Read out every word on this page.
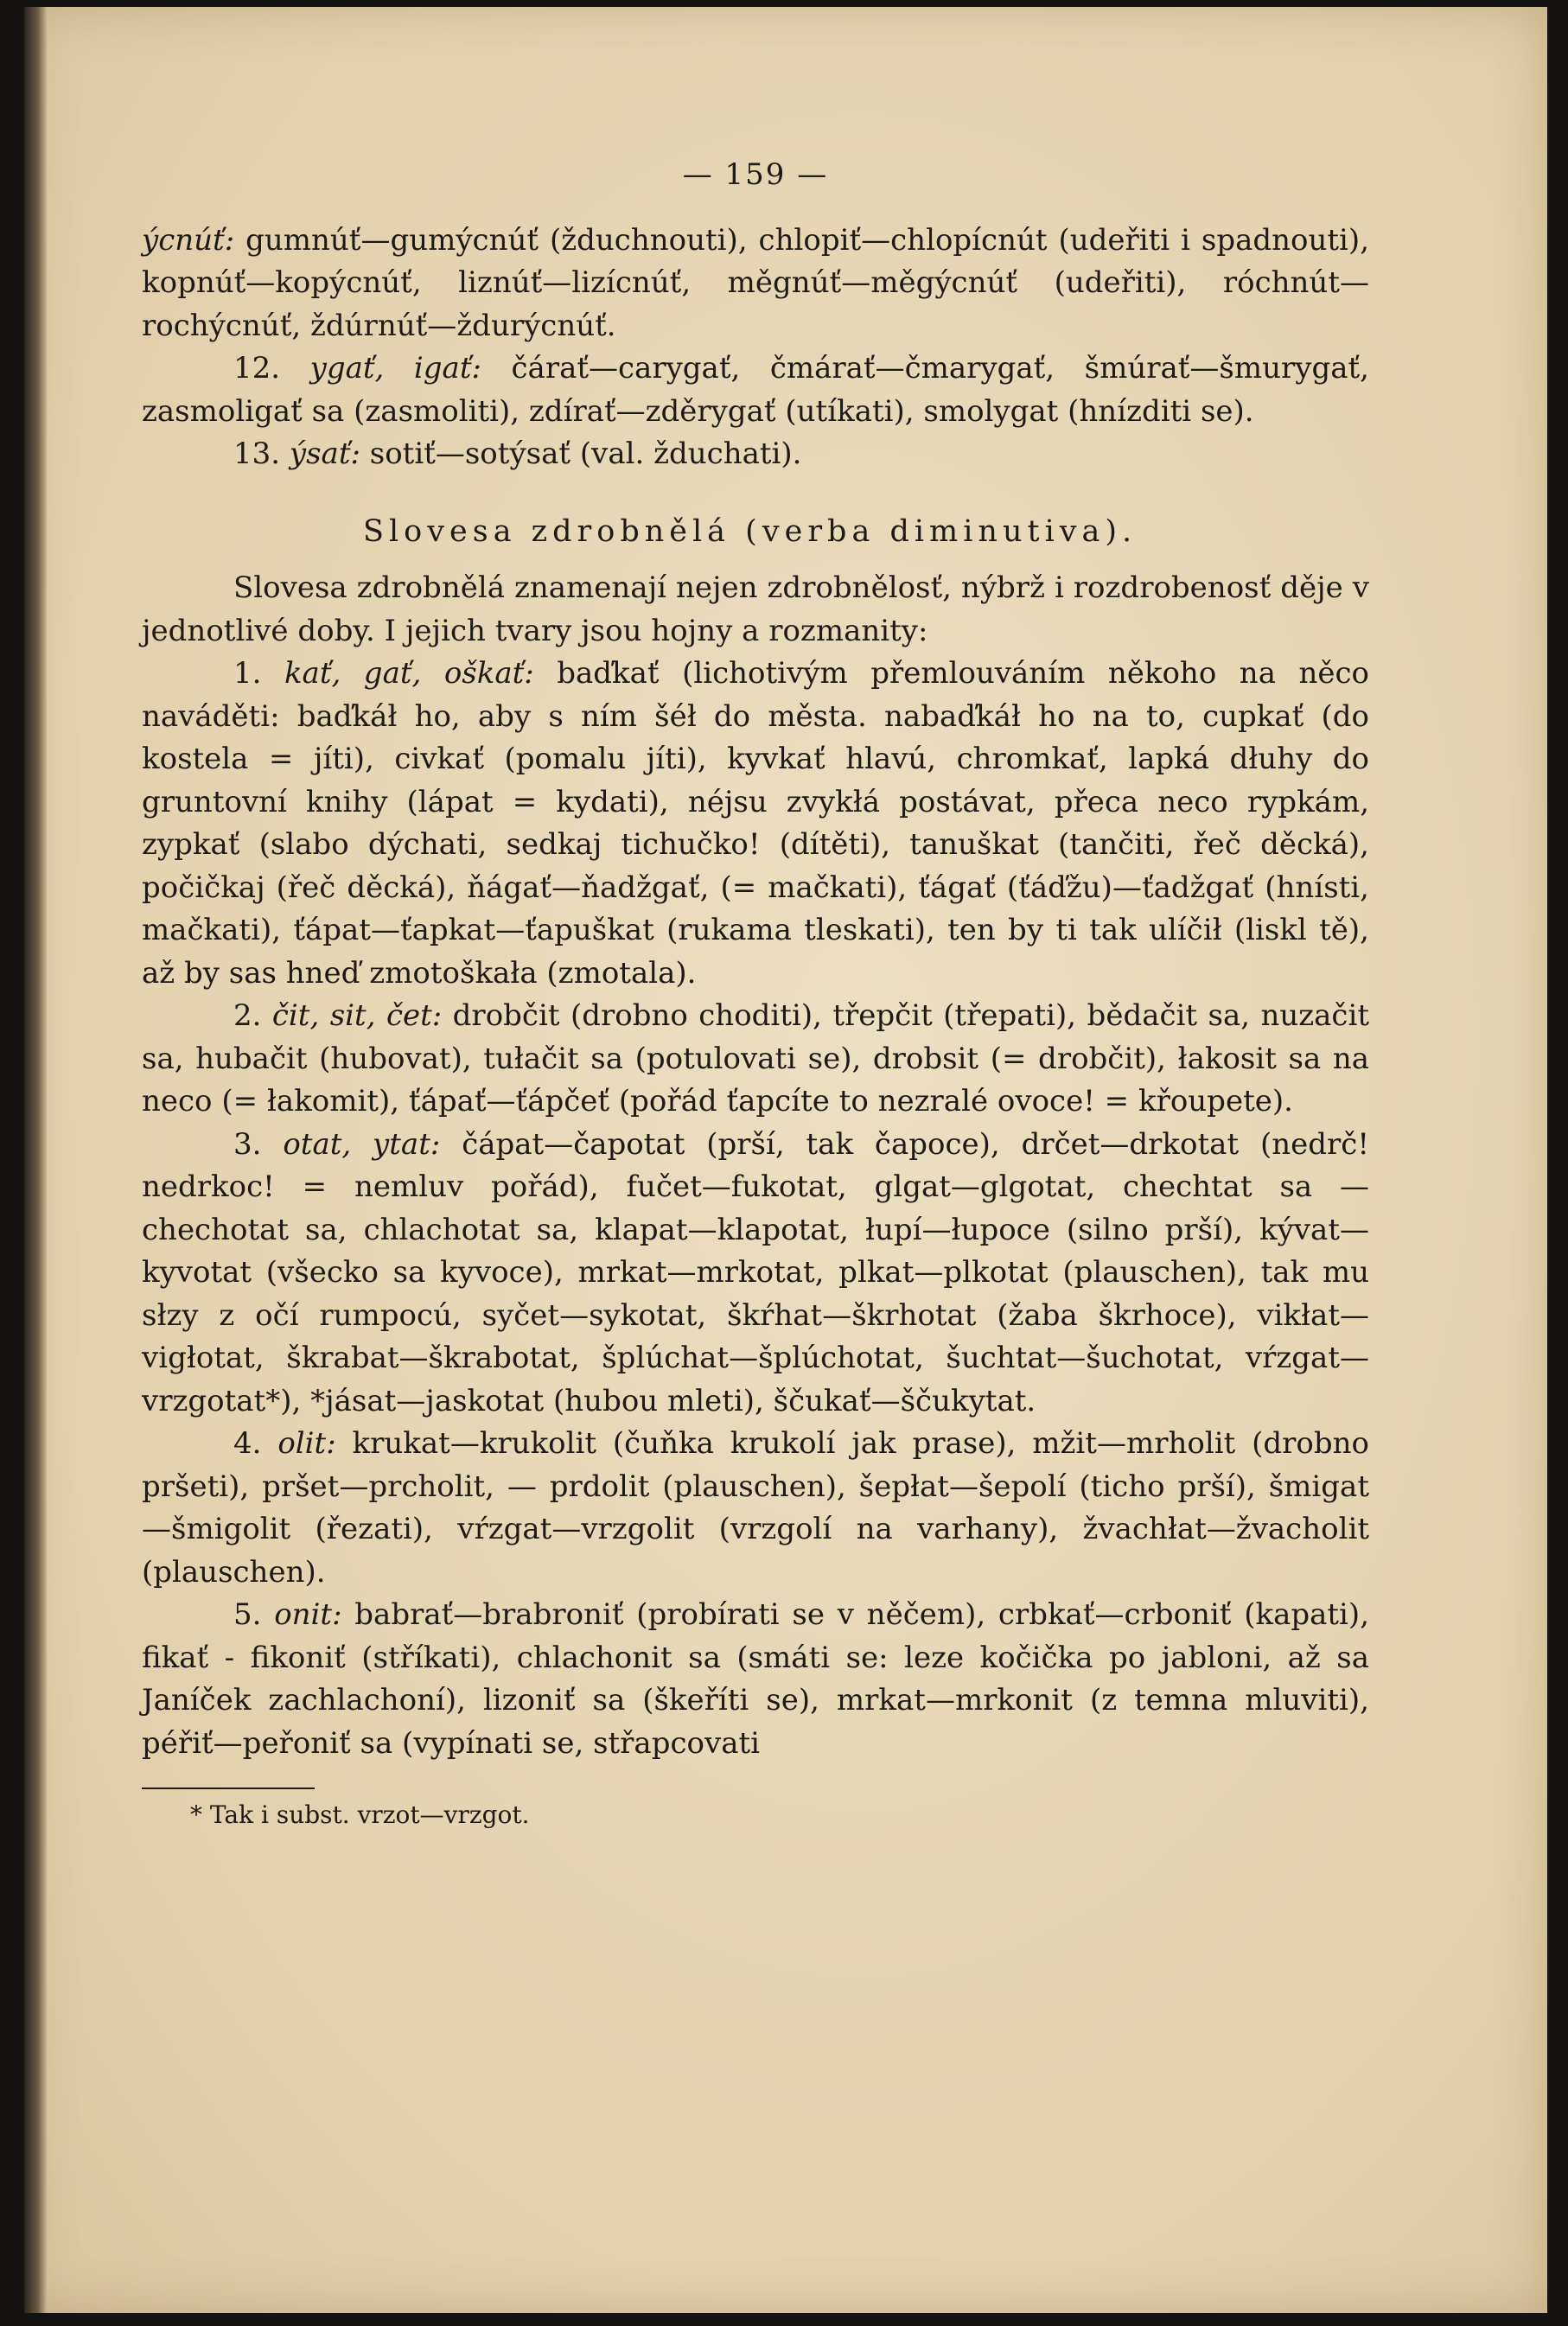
— 159 —

ýcnúť: gumnúť—gumýcnúť (žduchnouti), chlopiť—chlopícnút (udeřiti i spadnouti), kopnúť—kopýcnúť, liznúť—lizícnúť, měgnúť—měgýcnúť (udeřiti), róchnút—rochýcnúť, ždúrnúť—ždurýcnúť.

12. ygať, igať: čárať—carygať, čmárať—čmarygať, šmúrať—šmurygať, zasmoligať sa (zasmoliti), zdírať—zděrygať (utíkati), smolygat (hnízditi se).

13. ýsať: sotiť—sotýsať (val. žduchati).

Slovesa zdrobnělá (verba diminutiva).

Slovesa zdrobnělá znamenají nejen zdrobnělosť, nýbrž i rozdrobenosť děje v jednotlivé doby. I jejich tvary jsou hojny a rozmanity:

1. kať, gať, oškať: baďkať (lichotivým přemlouváním někoho na něco naváděti: baďkáł ho, aby s ním šéł do města. nabaďkáł ho na to, cupkať (do kostela = jíti), civkať (pomalu jíti), kyvkať hlavú, chromkať, lapká dłuhy do gruntovní knihy (lápat = kydati), néjsu zvykłá postávat, přeca neco rypkám, zypkať (slabo dýchati, sedkaj tichučko! (dítěti), tanuškat (tančiti, řeč děcká), počičkaj (řeč děcká), ňágať—ňadžgať, (= mačkati), ťágať (ťáďžu)—ťadžgať (hnísti, mačkati), ťápat—ťapkat—ťapuškat (rukama tleskati), ten by ti tak ulíčił (liskl tě), až by sas hneď zmotoškała (zmotala).

2. čit, sit, čet: drobčit (drobno choditi), třepčit (třepati), bědačit sa, nuzačit sa, hubačit (hubovat), tułačit sa (potulovati se), drobsit (= drobčit), łakosit sa na neco (= łakomit), ťápať—ťápčeť (pořád ťapcíte to nezralé ovoce! = křoupete).

3. otat, ytat: čápat—čapotat (prší, tak čapoce), drčet—drkotat (nedrč! nedrkoc! = nemluv pořád), fučet—fukotat, glgat—glgotat, chechtat sa — chechotat sa, chlachotat sa, klapat—klapotat, łupí—łupoce (silno prší), kývat—kyvotat (všecko sa kyvoce), mrkat—mrkotat, plkat—plkotat (plauschen), tak mu słzy z očí rumpocú, syčet—sykotat, škŕhat—škrhotat (žaba škrhoce), vikłat—vigłotat, škrabat—škrabotat, šplúchat—šplúchotat, šuchtat—šuchotat, vŕzgat—vrzgotat*), *jásat—jaskotat (hubou mleti), ščukať—ščukytat.

4. olit: krukat—krukolit (čuňka krukolí jak prase), mžit—mrholit (drobno pršeti), pršet—prcholit, — prdolit (plauschen), šepłat—šepolí (ticho prší), šmigat—šmigolit (řezati), vŕzgat—vrzgolit (vrzgolí na varhany), žvachłat—žvacholit (plauschen).

5. onit: babrať—brabroniť (probírati se v něčem), crbkať—crboniť (kapati), fikať - fikoniť (stříkati), chlachonit sa (smáti se: leze kočička po jabloni, až sa Janíček zachlachoní), lizoniť sa (škeříti se), mrkat—mrkonit (z temna mluviti), péřiť—peřoniť sa (vypínati se, střapcovati

* Tak i subst. vrzot—vrzgot.
